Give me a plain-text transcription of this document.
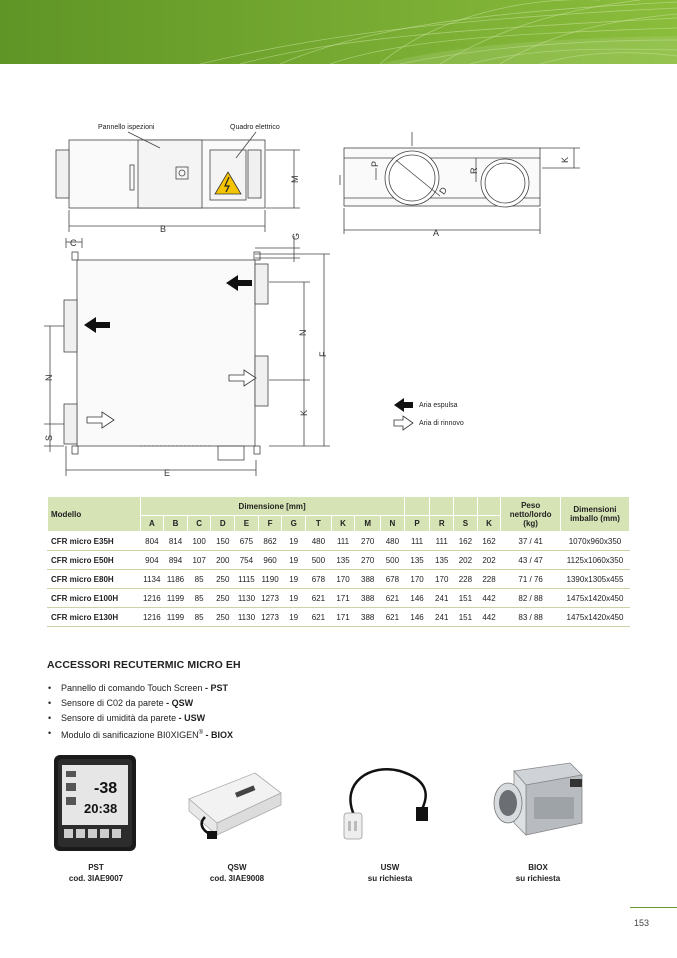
Pannello ispezioni	Quadro elettrico
Aria espulsa
Aria di rinnovo
B
M
A
P
R
K
D
C
G
N
F
K
N
S
E
Modello	Dimensione [mm]															Peso netto/lordo (kg)	Dimensioni imballo (mm)
	A	B	C	D	E	F	G	T	K	M	N	P	R	S	K		
CFR micro E35H	804	814	100	150	675	862	19	480	111	270	480	111	111	162	162	37 / 41	1070x960x350
CFR micro E50H	904	894	107	200	754	960	19	500	135	270	500	135	135	202	202	43 / 47	1125x1060x350
CFR micro E80H	1134	1186	85	250	1115	1190	19	678	170	388	678	170	170	228	228	71 / 76	1390x1305x455
CFR micro E100H	1216	1199	85	250	1130	1273	19	621	171	388	621	146	241	151	442	82 / 88	1475x1420x450
CFR micro E130H	1216	1199	85	250	1130	1273	19	621	171	388	621	146	241	151	442	83 / 88	1475x1420x450
ACCESSORI RECUTERMIC MICRO EH
• Pannello di comando Touch Screen - PST
• Sensore di C02 da parete - QSW
• Sensore di umidità da parete - USW
• Modulo di sanificazione BI0XIGEN® - BIOX
-38
20:38
PST
cod. 3IAE9007
QSW
cod. 3IAE9008
USW
su richiesta
BIOX
su richiesta
153
